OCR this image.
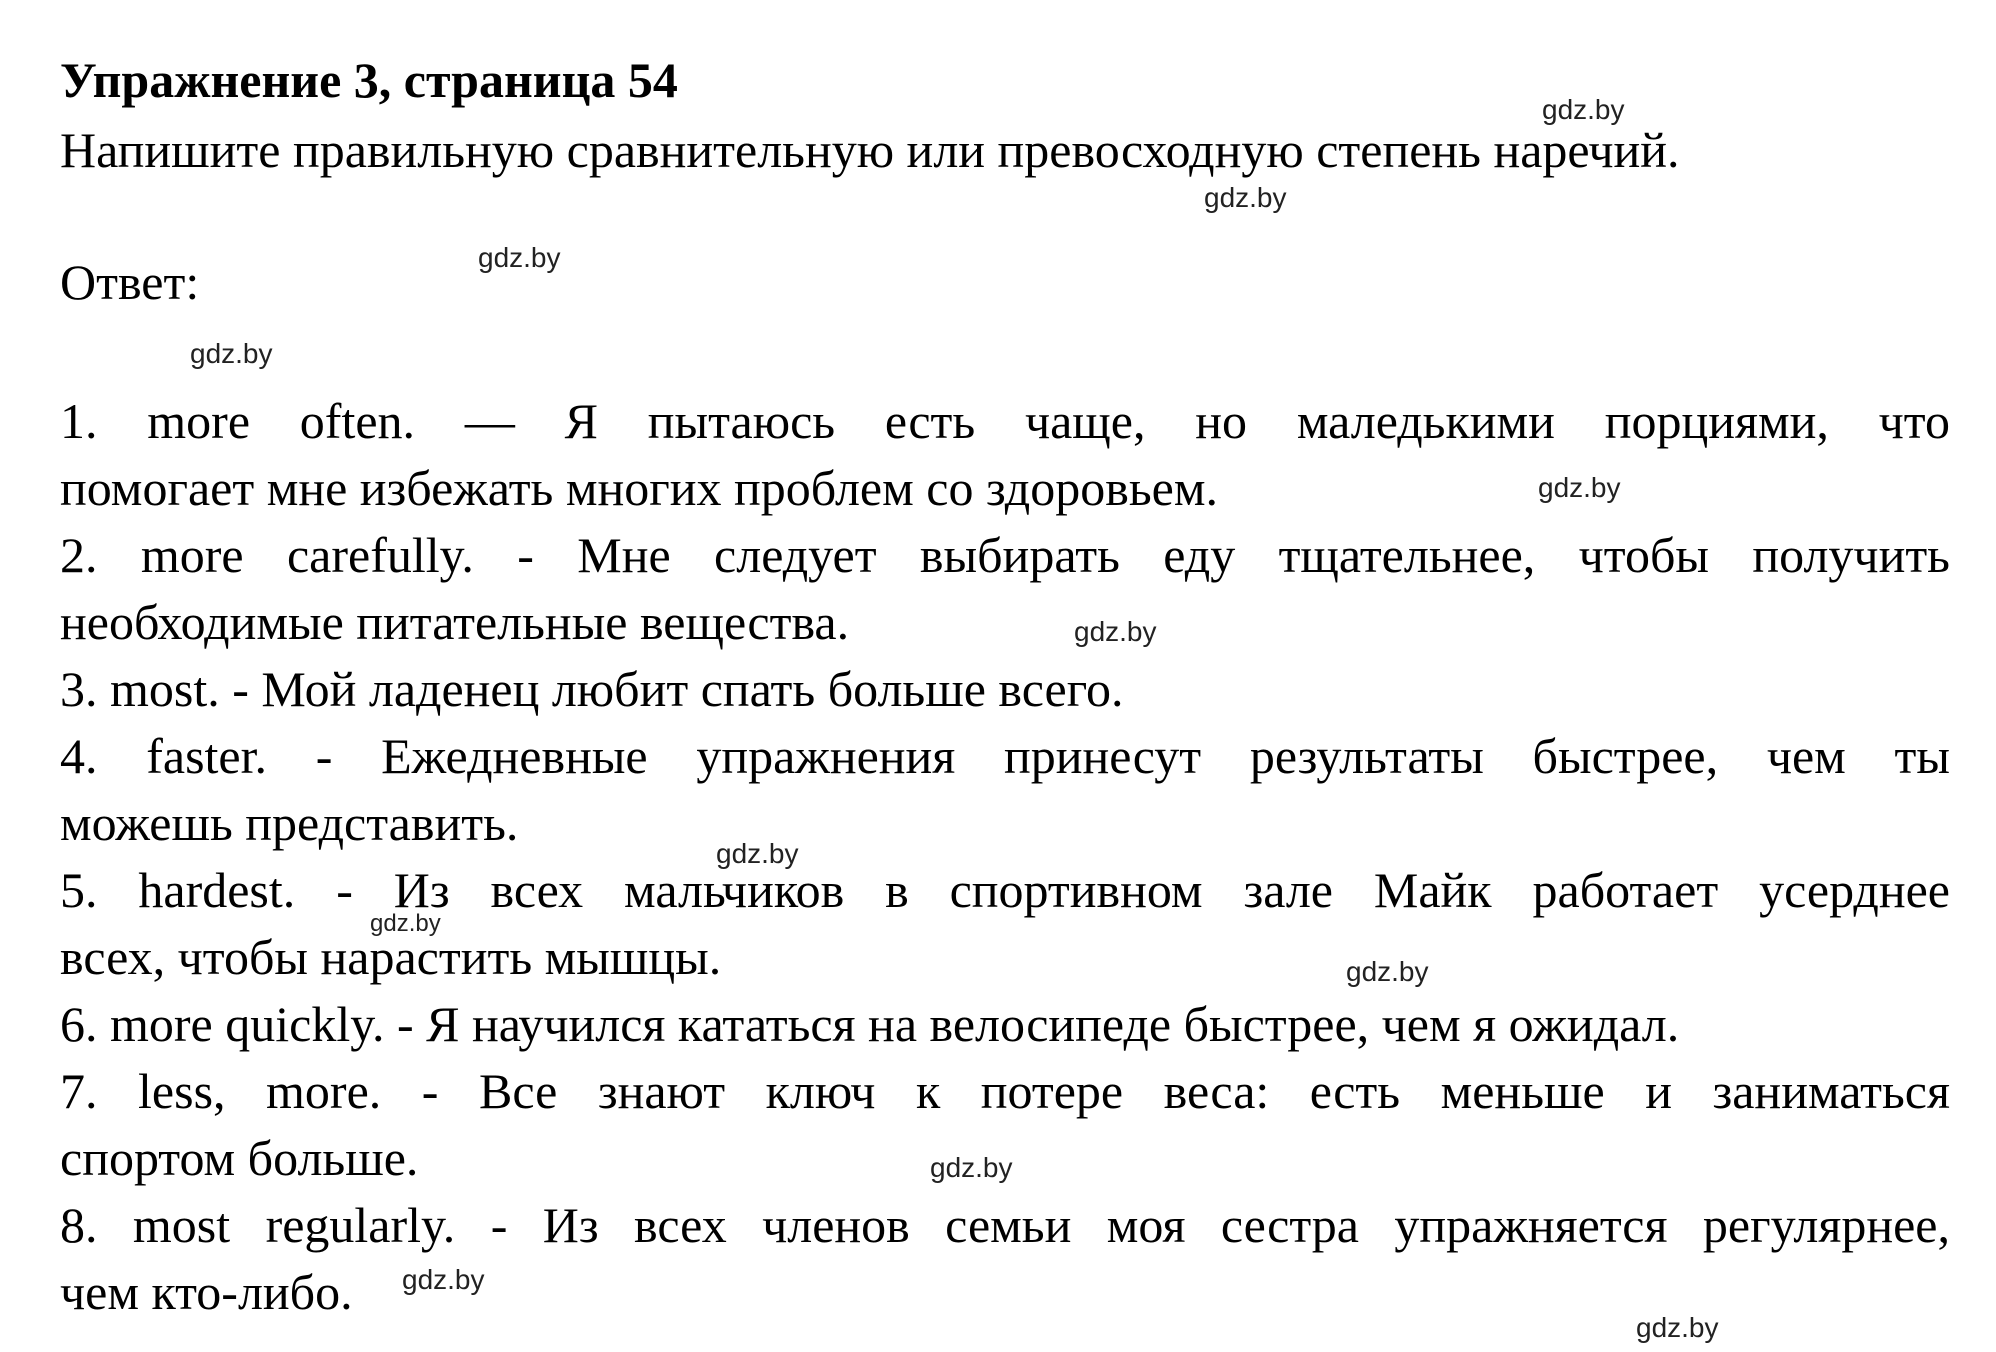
Упражнение 3, страница 54

Напишите правильную сравнительную или превосходную степень наречий.

Ответ:

1. more often. — Я пытаюсь есть чаще, но маледькими порциями, что
помогает мне избежать многих проблем со здоровьем.
2. more carefully. - Мне следует выбирать еду тщательнее, чтобы получить
необходимые питательные вещества.
3. most. - Мой ладенец любит спать больше всего.
4. faster. - Ежедневные упражнения принесут результаты быстрее, чем ты
можешь представить.
5. hardest. - Из всех мальчиков в спортивном зале Майк работает усерднее
всех, чтобы нарастить мышцы.
6. more quickly. - Я научился кататься на велосипеде быстрее, чем я ожидал.
7. less, more. - Все знают ключ к потере веса: есть меньше и заниматься
спортом больше.
8. most regularly. - Из всех членов семьи моя сестра упражняется регулярнее,
чем кто-либо.
gdz.by
gdz.by
gdz.by
gdz.by
gdz.by
gdz.by
gdz.by
gdz.by
gdz.by
gdz.by
gdz.by
gdz.by
